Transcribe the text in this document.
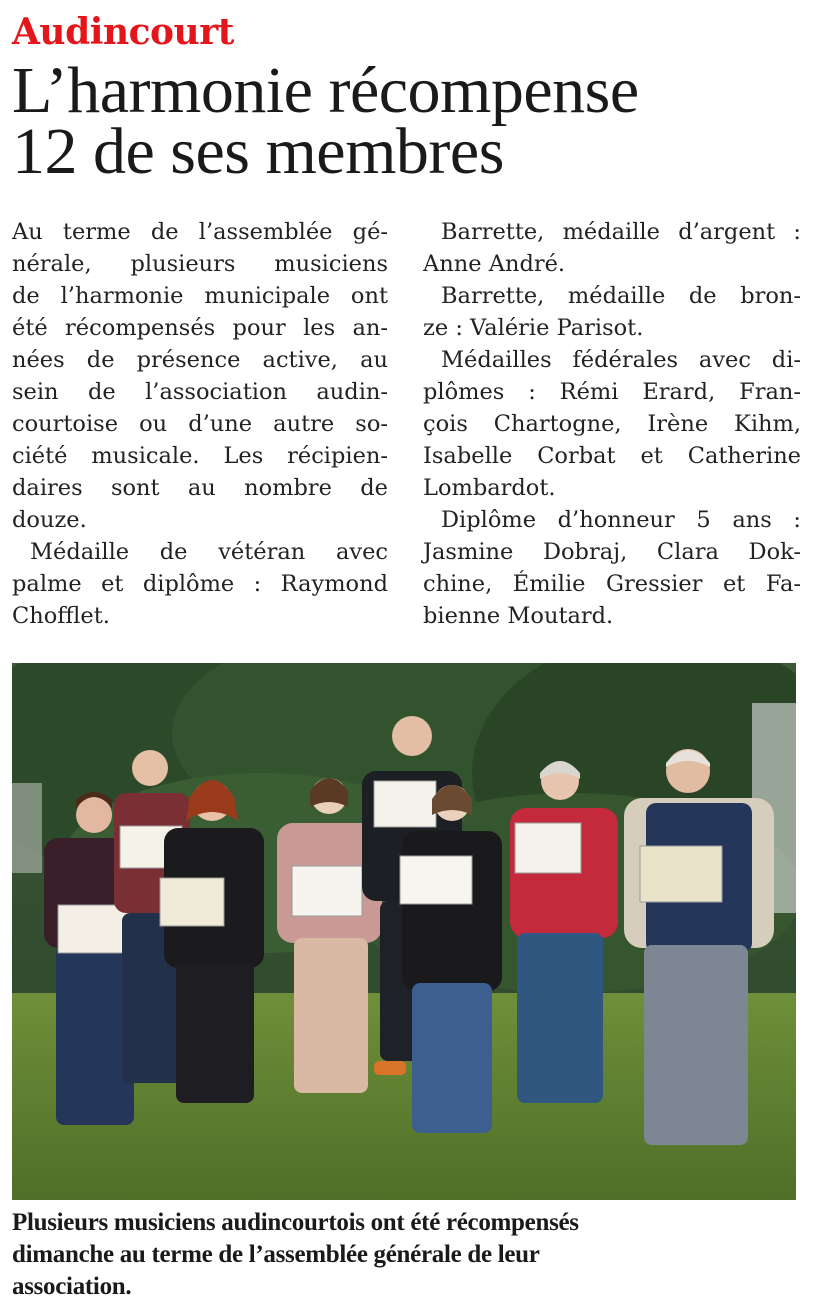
Audincourt
L’harmonie récompense
12 de ses membres

Au terme de l’assemblée gé-
nérale, plusieurs musiciens
de l’harmonie municipale ont
été récompensés pour les an-
nées de présence active, au
sein de l’association audin-
courtoise ou d’une autre so-
ciété musicale. Les récipien-
daires sont au nombre de
douze.

Médaille de vétéran avec
palme et diplôme : Raymond
Chofflet.

Barrette, médaille d’argent :
Anne André.

Barrette, médaille de bron-
ze : Valérie Parisot.

Médailles fédérales avec di-
plômes : Rémi Erard, Fran-
çois Chartogne, Irène Kihm,
Isabelle Corbat et Catherine
Lombardot.

Diplôme d’honneur 5 ans :
Jasmine Dobraj, Clara Dok-
chine, Émilie Gressier et Fa-
bienne Moutard.

Plusieurs musiciens audincourtois ont été récompensés
dimanche au terme de l’assemblée générale de leur
association.
